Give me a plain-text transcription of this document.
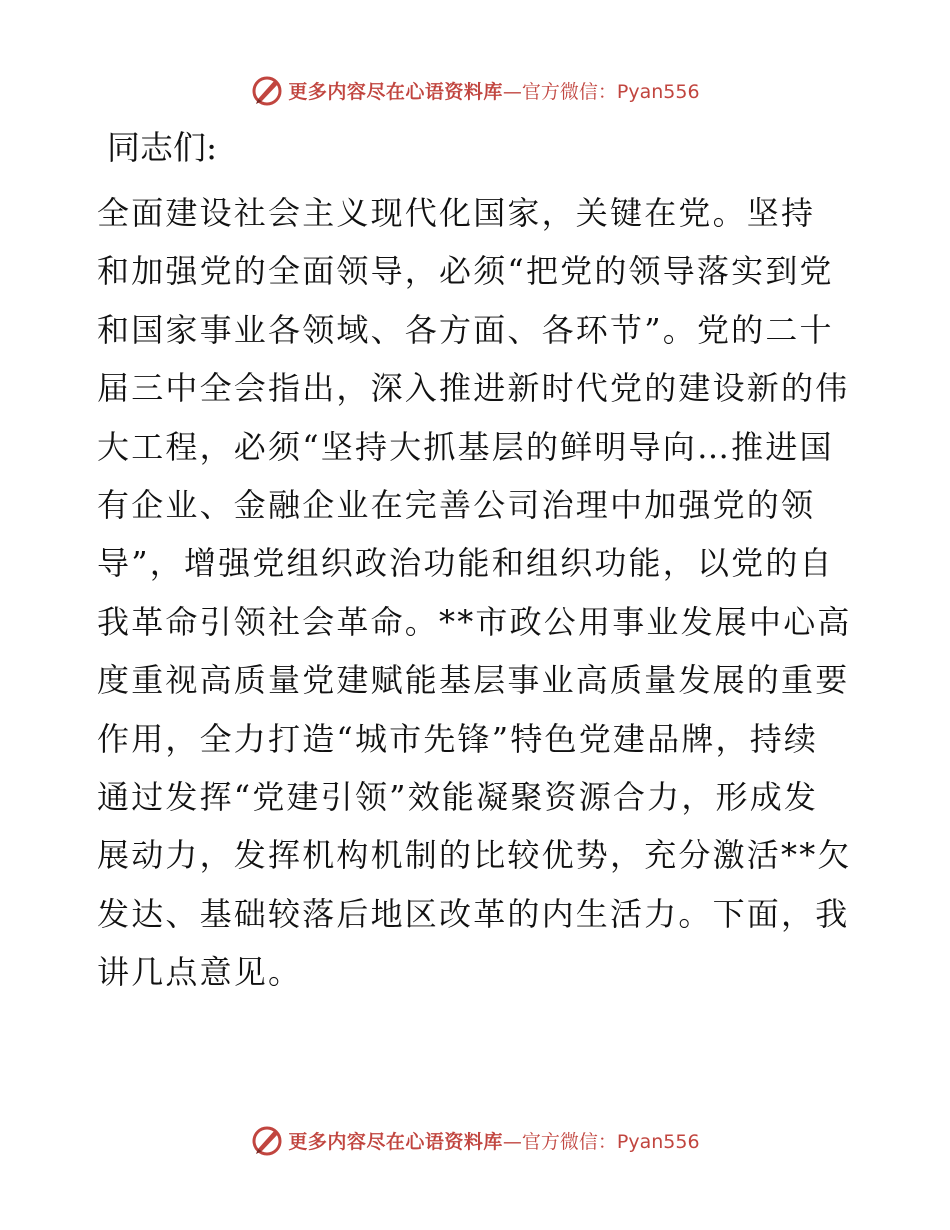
更多内容尽在心语资料库 —官方微信：Pyan556
同志们:
全面建设社会主义现代化国家，关键在党。坚持
和加强党的全面领导，必须“把党的领导落实到党
和国家事业各领域、各方面、各环节”。党的二十
届三中全会指出，深入推进新时代党的建设新的伟
大工程，必须“坚持大抓基层的鲜明导向…推进国
有企业、金融企业在完善公司治理中加强党的领
导”，增强党组织政治功能和组织功能，以党的自
我革命引领社会革命。**市政公用事业发展中心高
度重视高质量党建赋能基层事业高质量发展的重要
作用，全力打造“城市先锋”特色党建品牌，持续
通过发挥“党建引领”效能凝聚资源合力，形成发
展动力，发挥机构机制的比较优势，充分激活**欠
发达、基础较落后地区改革的内生活力。下面，我
讲几点意见。
更多内容尽在心语资料库 —官方微信：Pyan556
